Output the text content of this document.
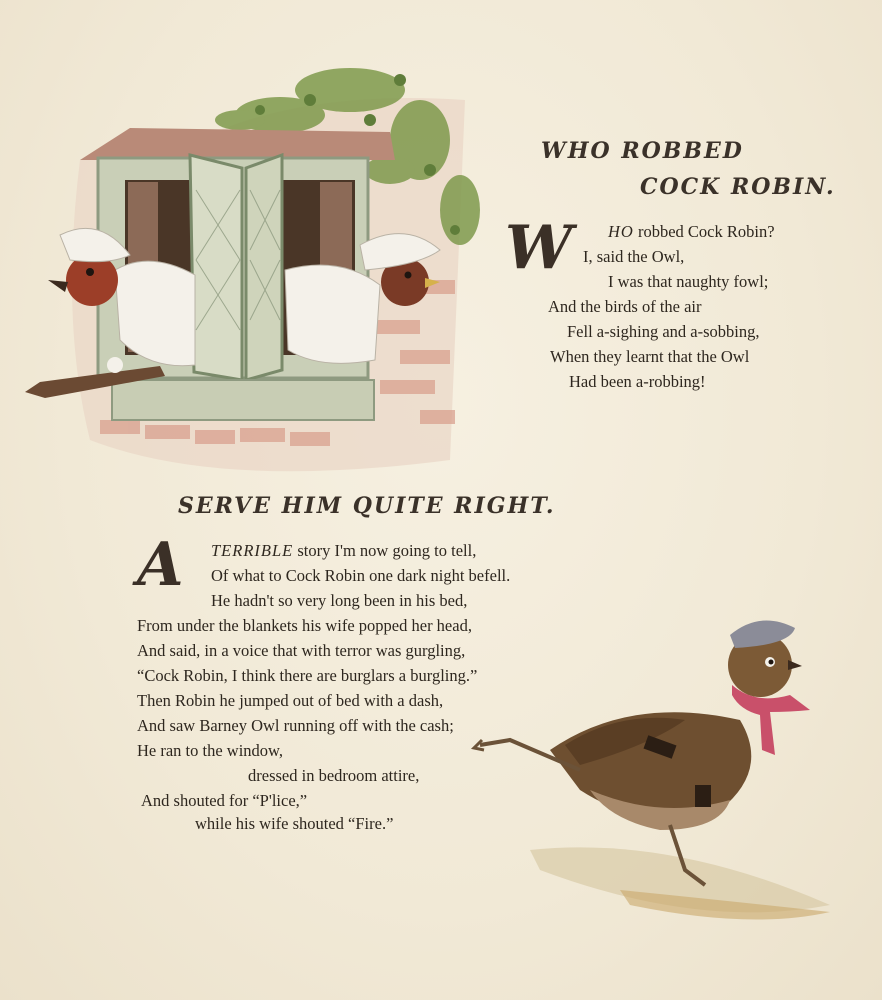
WHO ROBBED
COCK ROBIN.
W HO robbed Cock Robin?
I, said the Owl,
I was that naughty fowl;
And the birds of the air
Fell a-sighing and a-sobbing,
When they learnt that the Owl
Had been a-robbing!
SERVE HIM QUITE RIGHT.
A TERRIBLE story I'm now going to tell,
Of what to Cock Robin one dark night befell.
He hadn't so very long been in his bed,
From under the blankets his wife popped her head,
And said, in a voice that with terror was gurgling,
“Cock Robin, I think there are burglars a burgling.”
Then Robin he jumped out of bed with a dash,
And saw Barney Owl running off with the cash;
He ran to the window,
dressed in bedroom attire,
And shouted for “P'lice,”
while his wife shouted “Fire.”
